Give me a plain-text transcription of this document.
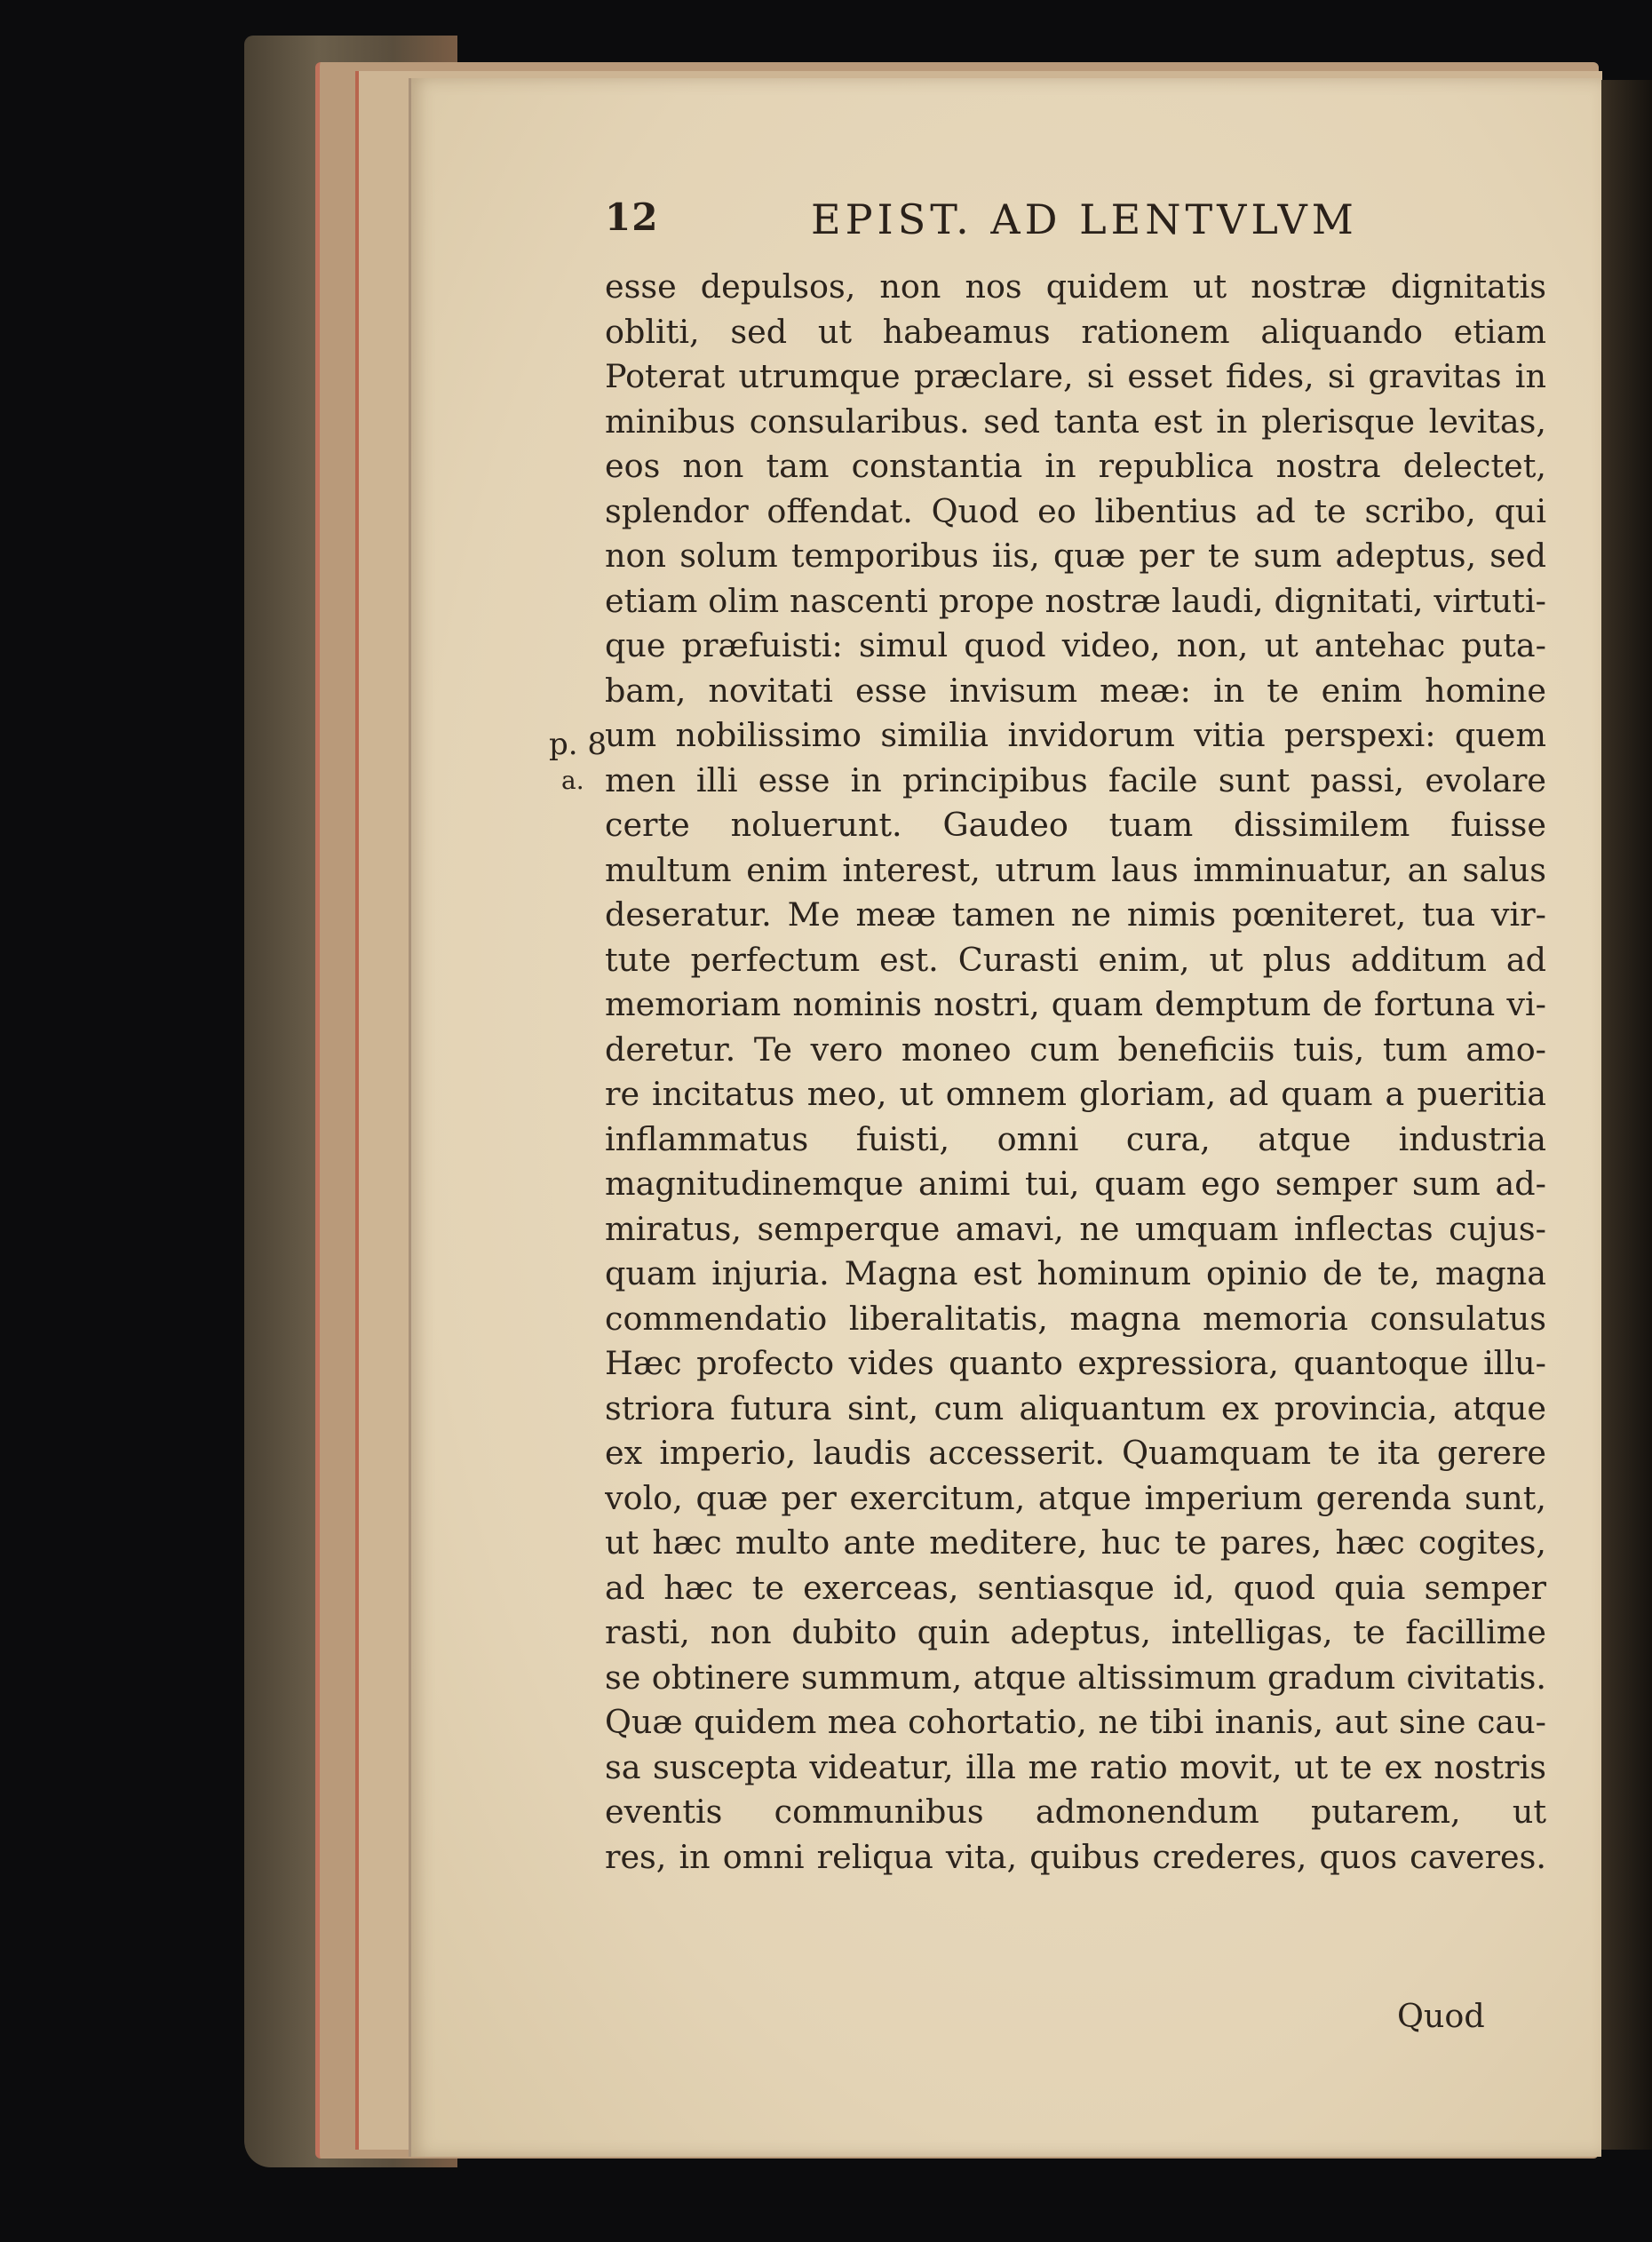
12	EPIST. AD LENTVLVM
esse depulsos, non nos quidem ut nostræ dignitatis
obliti, sed ut habeamus rationem aliquando etiam
Poterat utrumque præclare, si esset fides, si gravitas in
minibus consularibus. sed tanta est in plerisque levitas,
eos non tam constantia in republica nostra delectet,
splendor offendat. Quod eo libentius ad te scribo, qui
non solum temporibus iis, quæ per te sum adeptus, sed
etiam olim nascenti prope nostræ laudi, dignitati, virtuti-
que præfuisti: simul quod video, non, ut antehac puta-
bam, novitati esse invisum meæ: in te enim homine
um nobilissimo similia invidorum vitia perspexi: quem
men illi esse in principibus facile sunt passi, evolare
certe noluerunt. Gaudeo tuam dissimilem fuisse
multum enim interest, utrum laus imminuatur, an salus
deseratur. Me meæ tamen ne nimis pœniteret, tua vir-
tute perfectum est. Curasti enim, ut plus additum ad
memoriam nominis nostri, quam demptum de fortuna vi-
deretur. Te vero moneo cum beneficiis tuis, tum amo-
re incitatus meo, ut omnem gloriam, ad quam a pueritia
inflammatus fuisti, omni cura, atque industria
magnitudinemque animi tui, quam ego semper sum ad-
miratus, semperque amavi, ne umquam inflectas cujus-
quam injuria. Magna est hominum opinio de te, magna
commendatio liberalitatis, magna memoria consulatus
Hæc profecto vides quanto expressiora, quantoque illu-
striora futura sint, cum aliquantum ex provincia, atque
ex imperio, laudis accesserit. Quamquam te ita gerere
volo, quæ per exercitum, atque imperium gerenda sunt,
ut hæc multo ante meditere, huc te pares, hæc cogites,
ad hæc te exerceas, sentiasque id, quod quia semper
rasti, non dubito quin adeptus, intelligas, te facillime
se obtinere summum, atque altissimum gradum civitatis.
Quæ quidem mea cohortatio, ne tibi inanis, aut sine cau-
sa suscepta videatur, illa me ratio movit, ut te ex nostris
eventis communibus admonendum putarem, ut
res, in omni reliqua vita, quibus crederes, quos caveres.
Quod
p. 8
a.
